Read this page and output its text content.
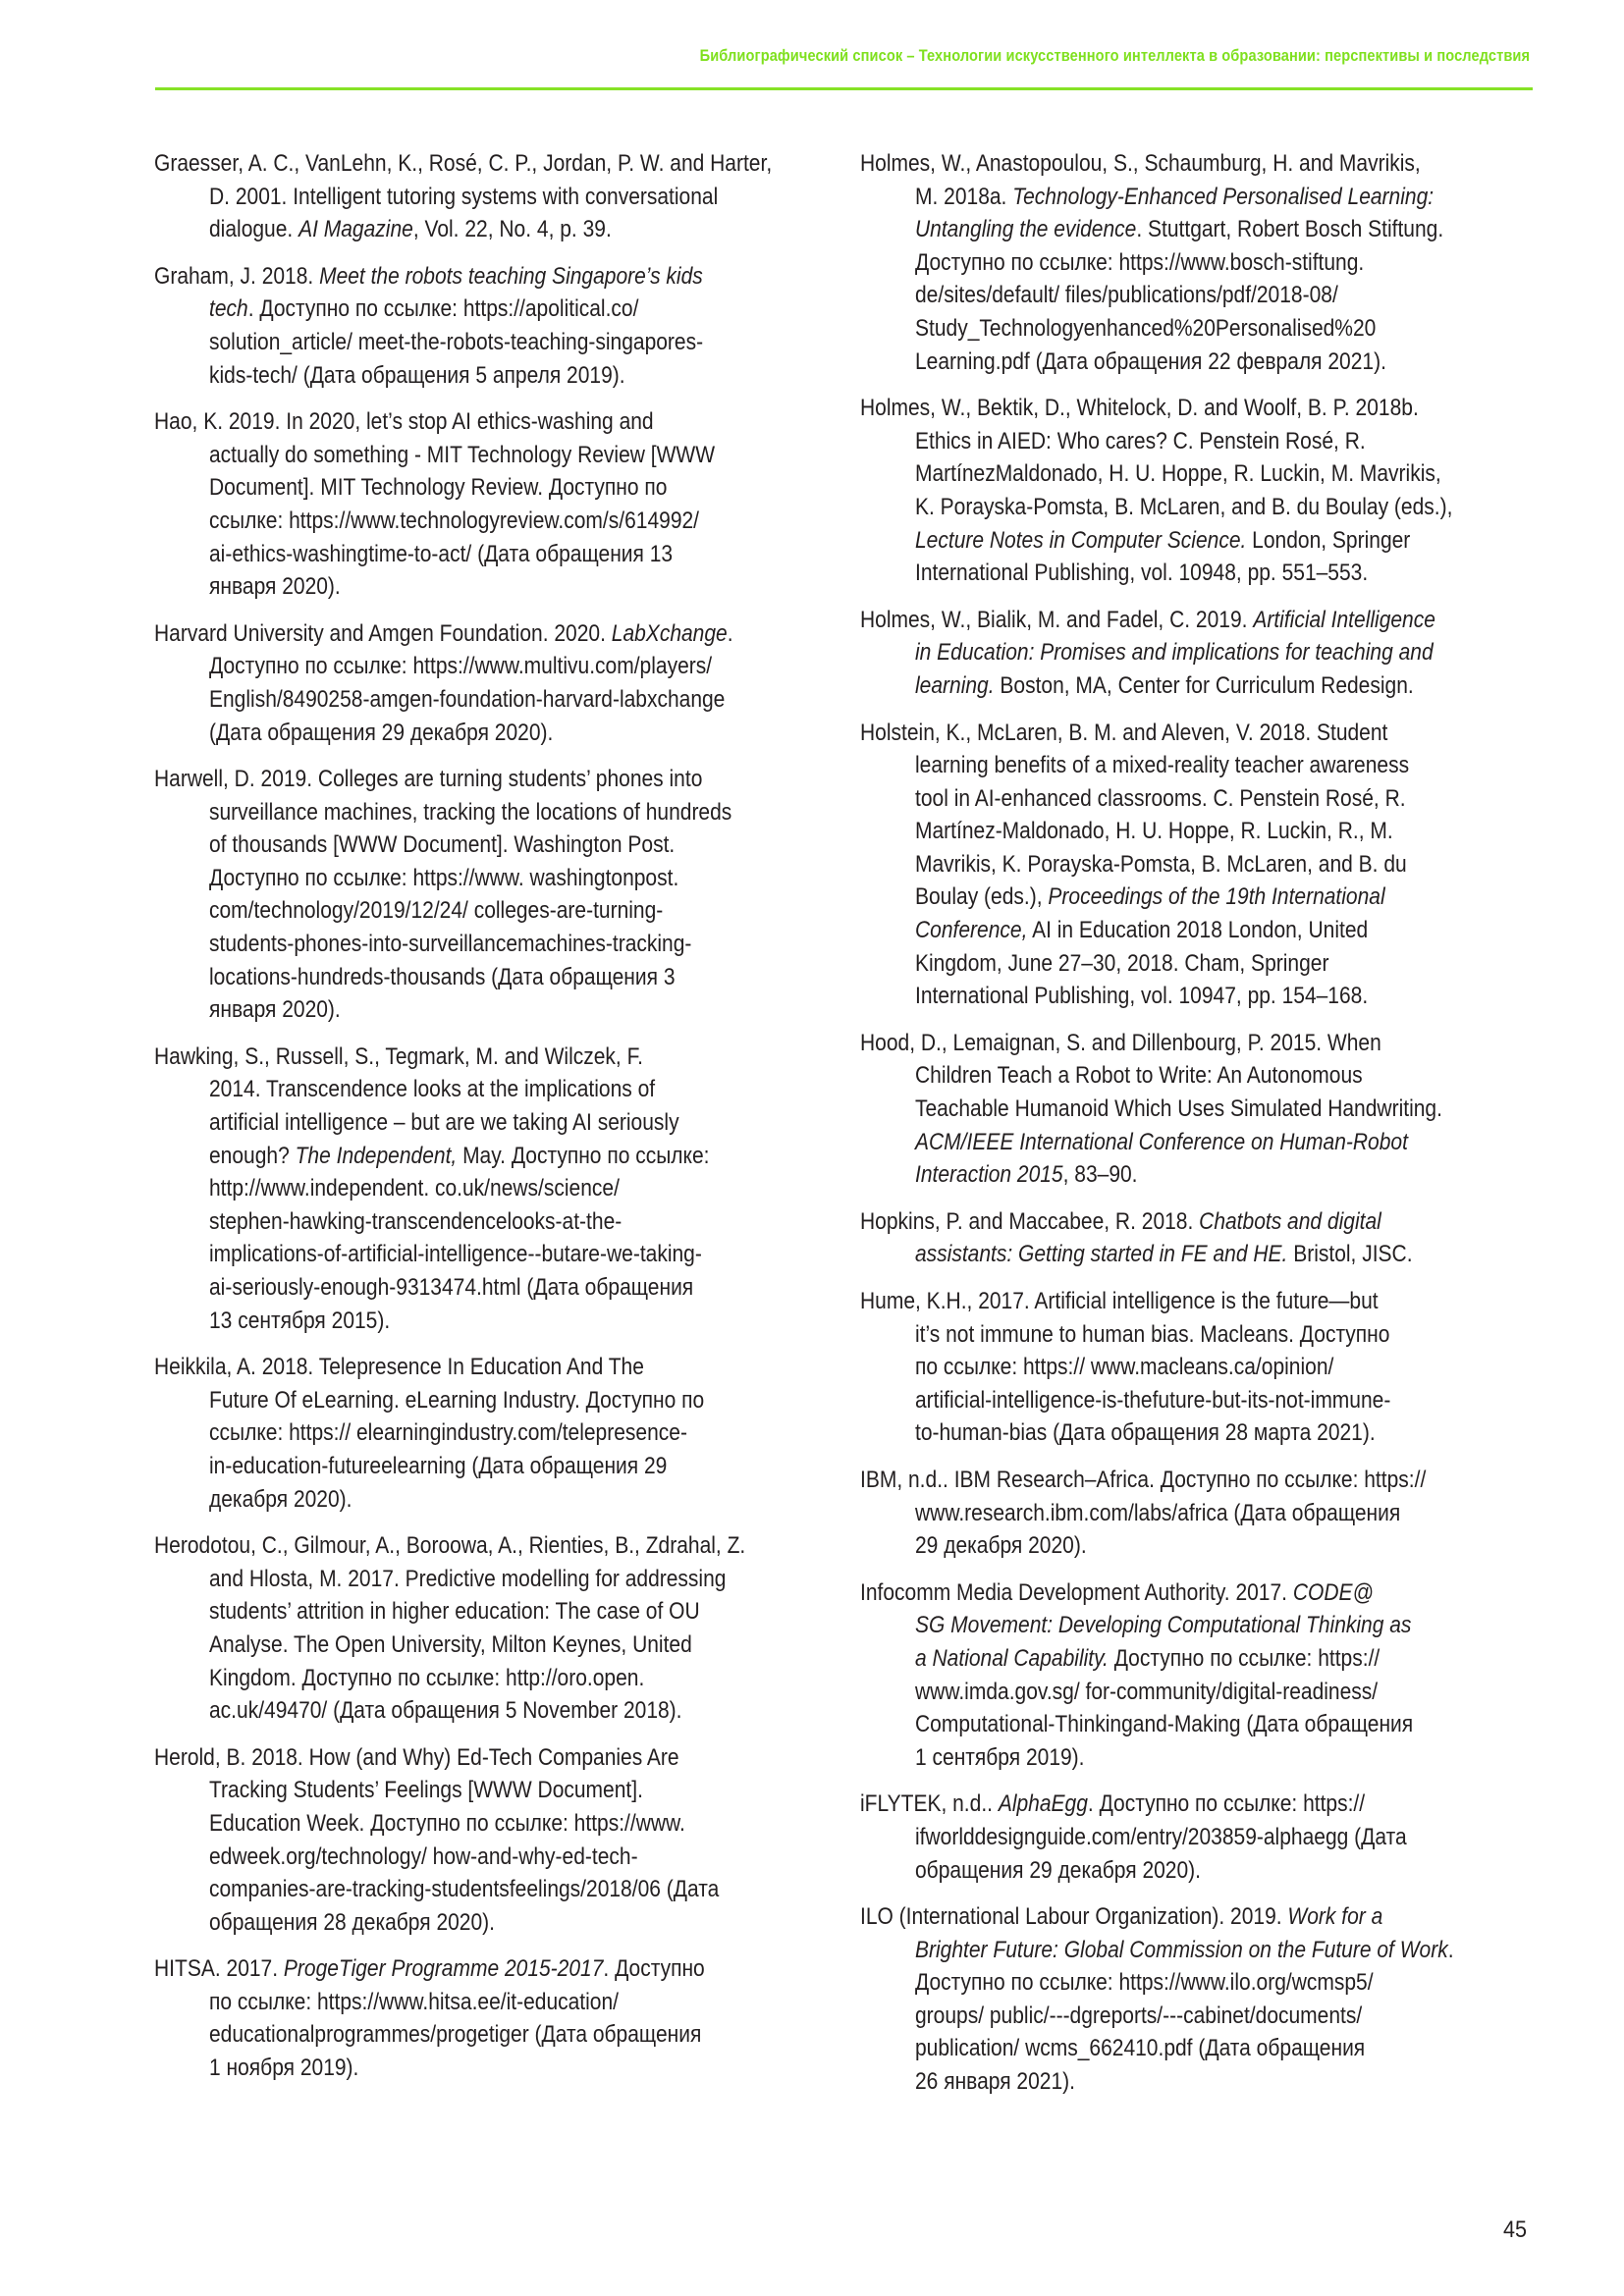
Библиографический список – Технологии искусственного интеллекта в образовании: перспективы и последствия
Graesser, A. C., VanLehn, K., Rosé, C. P., Jordan, P. W. and Harter,
D. 2001. Intelligent tutoring systems with conversational
dialogue. AI Magazine, Vol. 22, No. 4, p. 39.
Graham, J. 2018. Meet the robots teaching Singapore’s kids
tech. Доступно по ссылке: https://apolitical.co/
solution_article/ meet-the-robots-teaching-singapores-
kids-tech/ (Дата обращения 5 апреля 2019).
Hao, K. 2019. In 2020, let’s stop AI ethics-washing and
actually do something - MIT Technology Review [WWW
Document]. MIT Technology Review. Доступно по
ссылке: https://www.technologyreview.com/s/614992/
ai-ethics-washingtime-to-act/ (Дата обращения 13
января 2020).
Harvard University and Amgen Foundation. 2020. LabXchange.
Доступно по ссылке: https://www.multivu.com/players/
English/8490258-amgen-foundation-harvard-labxchange
(Дата обращения 29 декабря 2020).
Harwell, D. 2019. Colleges are turning students’ phones into
surveillance machines, tracking the locations of hundreds
of thousands [WWW Document]. Washington Post.
Доступно по ссылке: https://www. washingtonpost.
com/technology/2019/12/24/ colleges-are-turning-
students-phones-into-surveillancemachines-tracking-
locations-hundreds-thousands (Дата обращения 3
января 2020).
Hawking, S., Russell, S., Tegmark, M. and Wilczek, F.
2014. Transcendence looks at the implications of
artificial intelligence – but are we taking AI seriously
enough? The Independent, May. Доступно по ссылке:
http://www.independent. co.uk/news/science/
stephen-hawking-transcendencelooks-at-the-
implications-of-artificial-intelligence--butare-we-taking-
ai-seriously-enough-9313474.html (Дата обращения
13 сентября 2015).
Heikkila, A. 2018. Telepresence In Education And The
Future Of eLearning. eLearning Industry. Доступно по
ссылке: https:// elearningindustry.com/telepresence-
in-education-futureelearning (Дата обращения 29
декабря 2020).
Herodotou, C., Gilmour, A., Boroowa, A., Rienties, B., Zdrahal, Z.
and Hlosta, M. 2017. Predictive modelling for addressing
students’ attrition in higher education: The case of OU
Analyse. The Open University, Milton Keynes, United
Kingdom. Доступно по ссылке: http://oro.open.
ac.uk/49470/ (Дата обращения 5 November 2018).
Herold, B. 2018. How (and Why) Ed-Tech Companies Are
Tracking Students’ Feelings [WWW Document].
Education Week. Доступно по ссылке: https://www.
edweek.org/technology/ how-and-why-ed-tech-
companies-are-tracking-studentsfeelings/2018/06 (Дата
обращения 28 декабря 2020).
HITSA. 2017. ProgeTiger Programme 2015-2017. Доступно
по ссылке: https://www.hitsa.ee/it-education/
educationalprogrammes/progetiger (Дата обращения
1 ноября 2019).
Holmes, W., Anastopoulou, S., Schaumburg, H. and Mavrikis,
M. 2018a. Technology-Enhanced Personalised Learning:
Untangling the evidence. Stuttgart, Robert Bosch Stiftung.
Доступно по ссылке: https://www.bosch-stiftung.
de/sites/default/ files/publications/pdf/2018-08/
Study_Technologyenhanced%20Personalised%20
Learning.pdf (Дата обращения 22 февраля 2021).
Holmes, W., Bektik, D., Whitelock, D. and Woolf, B. P. 2018b.
Ethics in AIED: Who cares? C. Penstein Rosé, R.
MartínezMaldonado, H. U. Hoppe, R. Luckin, M. Mavrikis,
K. Porayska-Pomsta, B. McLaren, and B. du Boulay (eds.),
Lecture Notes in Computer Science. London, Springer
International Publishing, vol. 10948, pp. 551–553.
Holmes, W., Bialik, M. and Fadel, C. 2019. Artificial Intelligence
in Education: Promises and implications for teaching and
learning. Boston, MA, Center for Curriculum Redesign.
Holstein, K., McLaren, B. M. and Aleven, V. 2018. Student
learning benefits of a mixed-reality teacher awareness
tool in AI-enhanced classrooms. C. Penstein Rosé, R.
Martínez-Maldonado, H. U. Hoppe, R. Luckin, R., M.
Mavrikis, K. Porayska-Pomsta, B. McLaren, and B. du
Boulay (eds.), Proceedings of the 19th International
Conference, AI in Education 2018 London, United
Kingdom, June 27–30, 2018. Cham, Springer
International Publishing, vol. 10947, pp. 154–168.
Hood, D., Lemaignan, S. and Dillenbourg, P. 2015. When
Children Teach a Robot to Write: An Autonomous
Teachable Humanoid Which Uses Simulated Handwriting.
ACM/IEEE International Conference on Human-Robot
Interaction 2015, 83–90.
Hopkins, P. and Maccabee, R. 2018. Chatbots and digital
assistants: Getting started in FE and HE. Bristol, JISC.
Hume, K.H., 2017. Artificial intelligence is the future—but
it’s not immune to human bias. Macleans. Доступно
по ссылке: https:// www.macleans.ca/opinion/
artificial-intelligence-is-thefuture-but-its-not-immune-
to-human-bias (Дата обращения 28 марта 2021).
IBM, n.d.. IBM Research–Africa. Доступно по ссылке: https://
www.research.ibm.com/labs/africa (Дата обращения
29 декабря 2020).
Infocomm Media Development Authority. 2017. CODE@
SG Movement: Developing Computational Thinking as
a National Capability. Доступно по ссылке: https://
www.imda.gov.sg/ for-community/digital-readiness/
Computational-Thinkingand-Making (Дата обращения
1 сентября 2019).
iFLYTEK, n.d.. AlphaEgg. Доступно по ссылке: https://
ifworlddesignguide.com/entry/203859-alphaegg (Дата
обращения 29 декабря 2020).
ILO (International Labour Organization). 2019. Work for a
Brighter Future: Global Commission on the Future of Work.
Доступно по ссылке: https://www.ilo.org/wcmsp5/
groups/ public/---dgreports/---cabinet/documents/
publication/ wcms_662410.pdf (Дата обращения
26 января 2021).
45
